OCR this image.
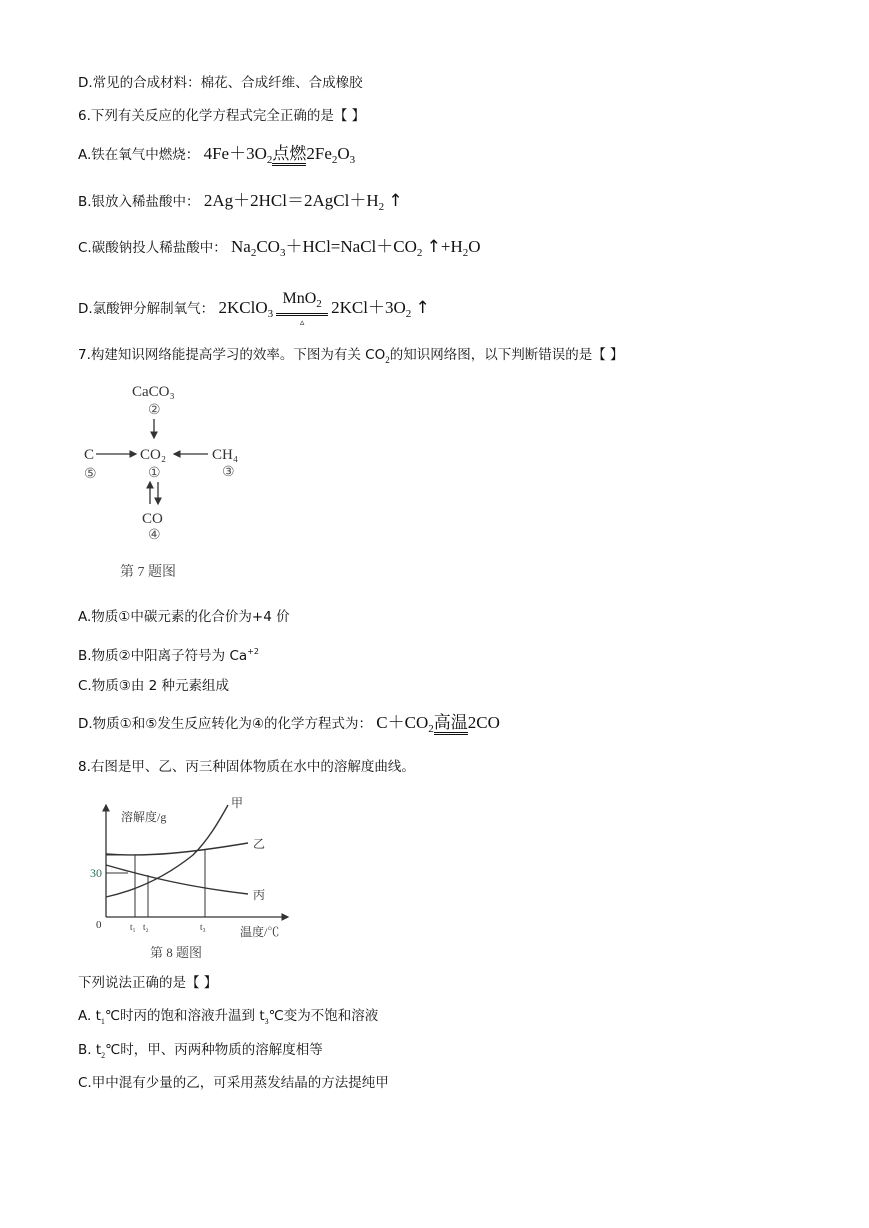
D.常见的合成材料：棉花、合成纤维、合成橡胶
6.下列有关反应的化学方程式完全正确的是【 】
A.铁在氧气中燃烧： $4Fe+3O_2$点燃$2Fe_2O_3$
B.银放入稀盐酸中： $2Ag+2HCl=2AgCl+H_2$ ↑
C.碳酸钠投人稀盐酸中： $Na_2CO_3+HCl=NaCl+CO_2$ $↑+H_2O$
D.氯酸钾分解制氧气： 2KClO$_3$ $\frac{MnO_2}{▵} 2KCl+3O_2$ ↑
7.构建知识网络能提高学习的效率。下图为有关 $CO_2$的知识网络图，以下判断错误的是【 】
CaCO₃
②
C
⑤
CO₂
①
CH₄
③
CO
④
第 7 题图
A.物质①中碳元素的化合价为+4 价
B.物质②中阳离子符号为 $Ca^{+2}$
C.物质③由 2 种元素组成
D.物质①和⑤发生反应转化为④的化学方程式为： $C+CO_2$高温2CO
8.右图是甲、乙、丙三种固体物质在水中的溶解度曲线。
溶解度/g
温度/℃
0
30
t₁ t₂	t₃
甲
乙
丙
第 8 题图
下列说法正确的是【 】
A. $t_1℃$时丙的饱和溶液升温到 $t_3℃$变为不饱和溶液
B. $t_2℃$时，甲、丙两种物质的溶解度相等
C.甲中混有少量的乙，可采用蒸发结晶的方法提纯甲
